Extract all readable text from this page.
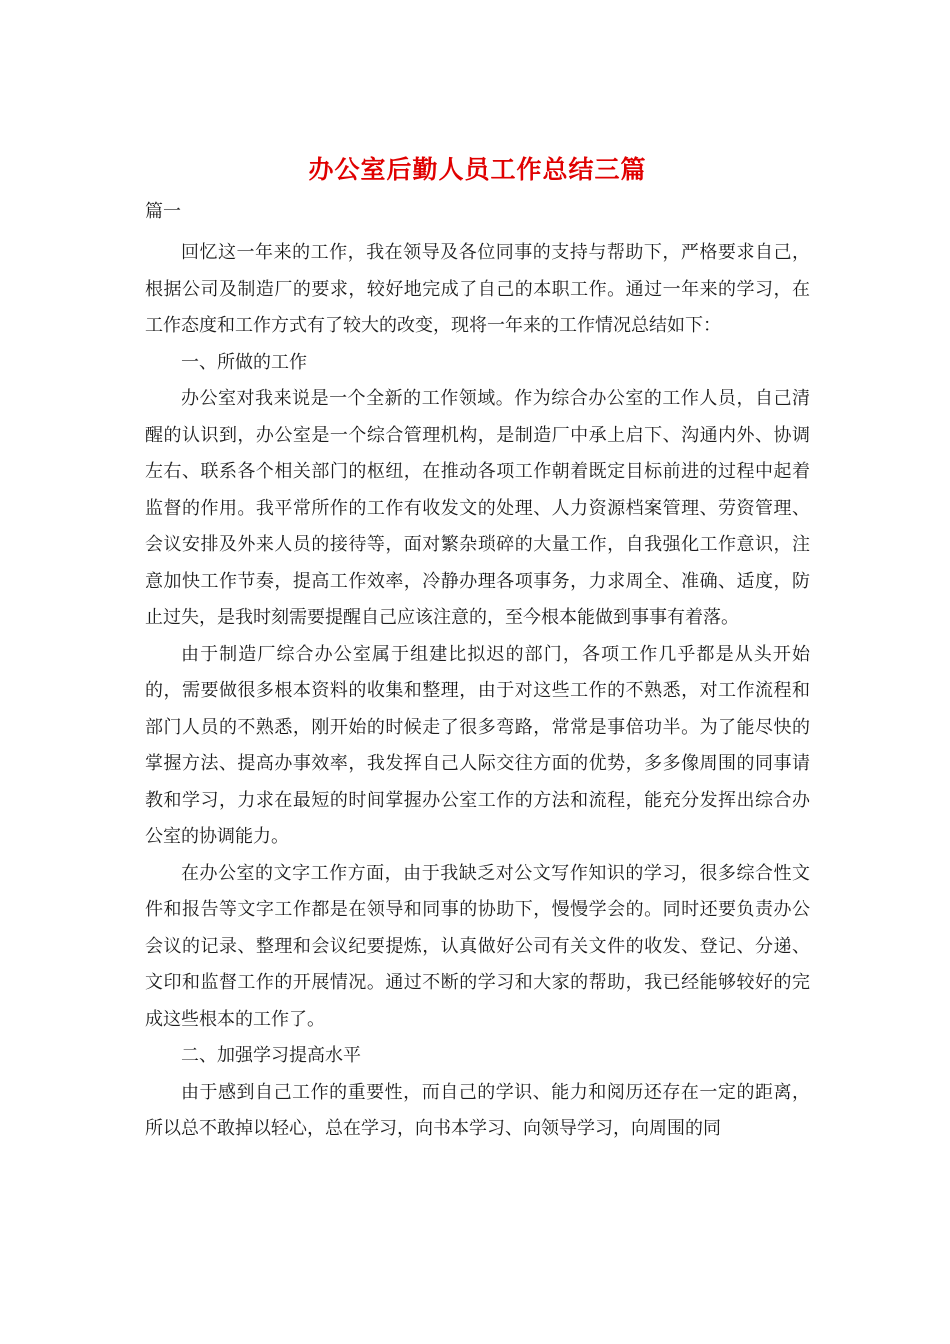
办公室后勤人员工作总结三篇
篇一

回忆这一年来的工作，我在领导及各位同事的支持与帮助下，严格要求自己，根据公司及制造厂的要求，较好地完成了自己的本职工作。通过一年来的学习，在工作态度和工作方式有了较大的改变，现将一年来的工作情况总结如下：

一、所做的工作

办公室对我来说是一个全新的工作领域。作为综合办公室的工作人员，自己清醒的认识到，办公室是一个综合管理机构，是制造厂中承上启下、沟通内外、协调左右、联系各个相关部门的枢纽，在推动各项工作朝着既定目标前进的过程中起着监督的作用。我平常所作的工作有收发文的处理、人力资源档案管理、劳资管理、会议安排及外来人员的接待等，面对繁杂琐碎的大量工作，自我强化工作意识，注意加快工作节奏，提高工作效率，冷静办理各项事务，力求周全、准确、适度，防止过失，是我时刻需要提醒自己应该注意的，至今根本能做到事事有着落。

由于制造厂综合办公室属于组建比拟迟的部门，各项工作几乎都是从头开始的，需要做很多根本资料的收集和整理，由于对这些工作的不熟悉，对工作流程和部门人员的不熟悉，刚开始的时候走了很多弯路，常常是事倍功半。为了能尽快的掌握方法、提高办事效率，我发挥自己人际交往方面的优势，多多像周围的同事请教和学习，力求在最短的时间掌握办公室工作的方法和流程，能充分发挥出综合办公室的协调能力。

在办公室的文字工作方面，由于我缺乏对公文写作知识的学习，很多综合性文件和报告等文字工作都是在领导和同事的协助下，慢慢学会的。同时还要负责办公会议的记录、整理和会议纪要提炼，认真做好公司有关文件的收发、登记、分递、文印和监督工作的开展情况。通过不断的学习和大家的帮助，我已经能够较好的完成这些根本的工作了。

二、加强学习提高水平

由于感到自己工作的重要性，而自己的学识、能力和阅历还存在一定的距离，所以总不敢掉以轻心，总在学习，向书本学习、向领导学习，向周围的同
